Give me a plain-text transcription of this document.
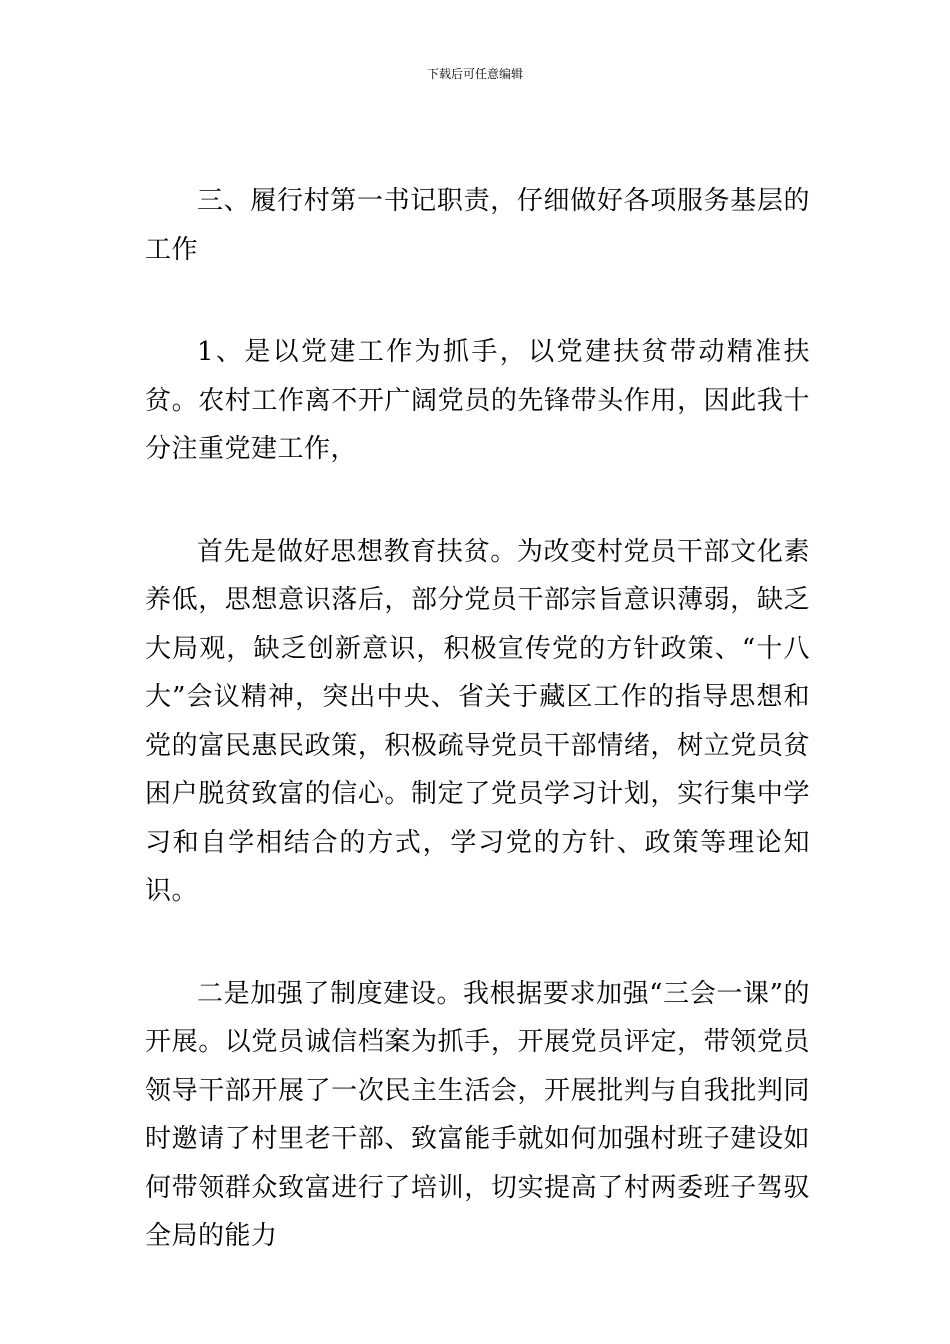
下载后可任意编辑

三、履行村第一书记职责，仔细做好各项服务基层的工作

1、是以党建工作为抓手，以党建扶贫带动精准扶贫。农村工作离不开广阔党员的先锋带头作用，因此我十分注重党建工作，

首先是做好思想教育扶贫。为改变村党员干部文化素养低，思想意识落后，部分党员干部宗旨意识薄弱，缺乏大局观，缺乏创新意识，积极宣传党的方针政策、“十八大”会议精神，突出中央、省关于藏区工作的指导思想和党的富民惠民政策，积极疏导党员干部情绪，树立党员贫困户脱贫致富的信心。制定了党员学习计划，实行集中学习和自学相结合的方式，学习党的方针、政策等理论知识。

二是加强了制度建设。我根据要求加强“三会一课”的开展。以党员诚信档案为抓手，开展党员评定，带领党员领导干部开展了一次民主生活会，开展批判与自我批判同时邀请了村里老干部、致富能手就如何加强村班子建设如何带领群众致富进行了培训，切实提高了村两委班子驾驭全局的能力
